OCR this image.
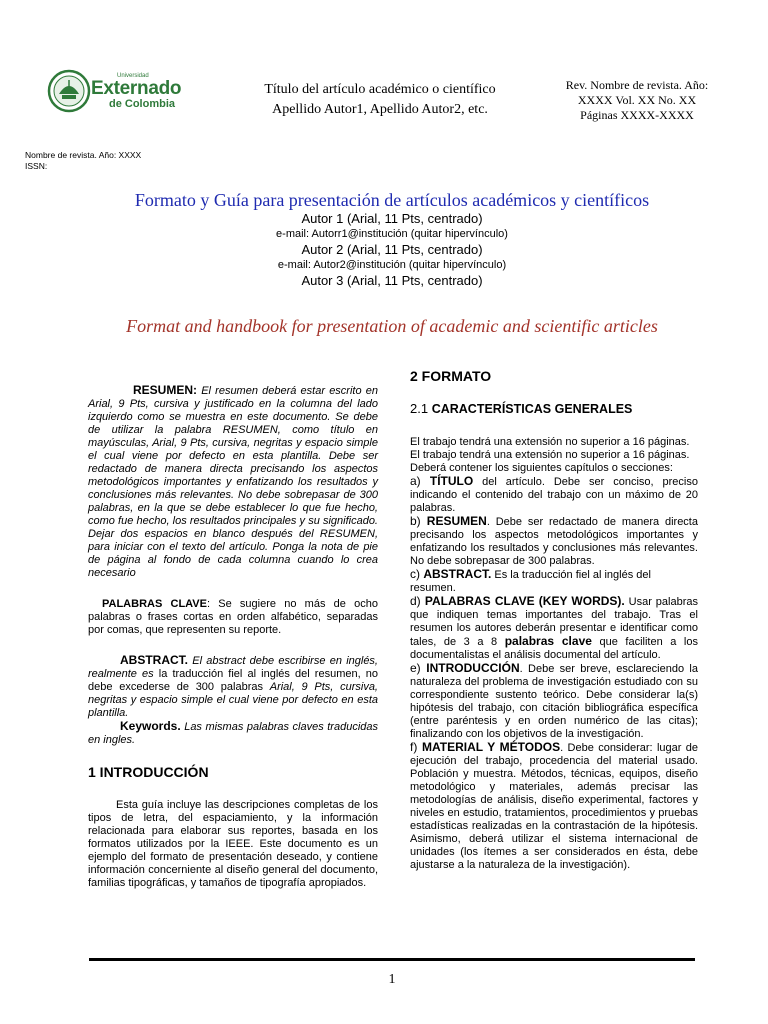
Universidad
Externado
de Colombia
Título del artículo académico o científico
Apellido Autor1, Apellido Autor2, etc.
Rev. Nombre de revista. Año: XXXX Vol. XX No. XX Páginas XXXX-XXXX
Nombre de revista. Año: XXXX
ISSN:
Formato y Guía para presentación de artículos académicos y científicos
Autor 1 (Arial, 11 Pts, centrado)
e-mail: Autorr1@institución (quitar hipervínculo)
Autor 2 (Arial, 11 Pts, centrado)
e-mail: Autor2@institución (quitar hipervínculo)
Autor 3 (Arial, 11 Pts, centrado)
Format and handbook for presentation of academic and scientific articles

RESUMEN: El resumen deberá estar escrito en Arial, 9 Pts, cursiva y justificado en la columna del lado izquierdo como se muestra en este documento. Se debe de utilizar la palabra RESUMEN, como título en mayúsculas, Arial, 9 Pts, cursiva, negritas y espacio simple el cual viene por defecto en esta plantilla. Debe ser redactado de manera directa precisando los aspectos metodológicos importantes y enfatizando los resultados y conclusiones más relevantes. No debe sobrepasar de 300 palabras, en la que se debe establecer lo que fue hecho, como fue hecho, los resultados principales y su significado. Dejar dos espacios en blanco después del RESUMEN, para iniciar con el texto del artículo. Ponga la nota de pie de página al fondo de cada columna cuando lo crea necesario

PALABRAS CLAVE: Se sugiere no más de ocho palabras o frases cortas en orden alfabético, separadas por comas, que representen su reporte.

ABSTRACT. El abstract debe escribirse en inglés, realmente es la traducción fiel al inglés del resumen, no debe excederse de 300 palabras Arial, 9 Pts, cursiva, negritas y espacio simple el cual viene por defecto en esta plantilla.

Keywords. Las mismas palabras claves traducidas en ingles.

1 INTRODUCCIÓN

Esta guía incluye las descripciones completas de los tipos de letra, del espaciamiento, y la información relacionada para elaborar sus reportes, basada en los formatos utilizados por la IEEE. Este documento es un ejemplo del formato de presentación deseado, y contiene información concerniente al diseño general del documento, familias tipográficas, y tamaños de tipografía apropiados.

2 FORMATO

2.1 CARACTERÍSTICAS GENERALES

El trabajo tendrá una extensión no superior a 16 páginas. El trabajo tendrá una extensión no superior a 16 páginas. Deberá contener los siguientes capítulos o secciones:

a) TÍTULO del artículo. Debe ser conciso, preciso indicando el contenido del trabajo con un máximo de 20 palabras.

b) RESUMEN. Debe ser redactado de manera directa precisando los aspectos metodológicos importantes y enfatizando los resultados y conclusiones más relevantes. No debe sobrepasar de 300 palabras.

c) ABSTRACT. Es la traducción fiel al inglés del resumen.

d) PALABRAS CLAVE (KEY WORDS). Usar palabras que indiquen temas importantes del trabajo. Tras el resumen los autores deberán presentar e identificar como tales, de 3 a 8 palabras clave que faciliten a los documentalistas el análisis documental del artículo.

e) INTRODUCCIÓN. Debe ser breve, esclareciendo la naturaleza del problema de investigación estudiado con su correspondiente sustento teórico. Debe considerar la(s) hipótesis del trabajo, con citación bibliográfica específica (entre paréntesis y en orden numérico de las citas); finalizando con los objetivos de la investigación.

f) MATERIAL Y MÉTODOS. Debe considerar: lugar de ejecución del trabajo, procedencia del material usado. Población y muestra. Métodos, técnicas, equipos, diseño metodológico y materiales, además precisar las metodologías de análisis, diseño experimental, factores y niveles en estudio, tratamientos, procedimientos y pruebas estadísticas realizadas en la contrastación de la hipótesis. Asimismo, deberá utilizar el sistema internacional de unidades (los ítemes a ser considerados en ésta, debe ajustarse a la naturaleza de la investigación).

1
